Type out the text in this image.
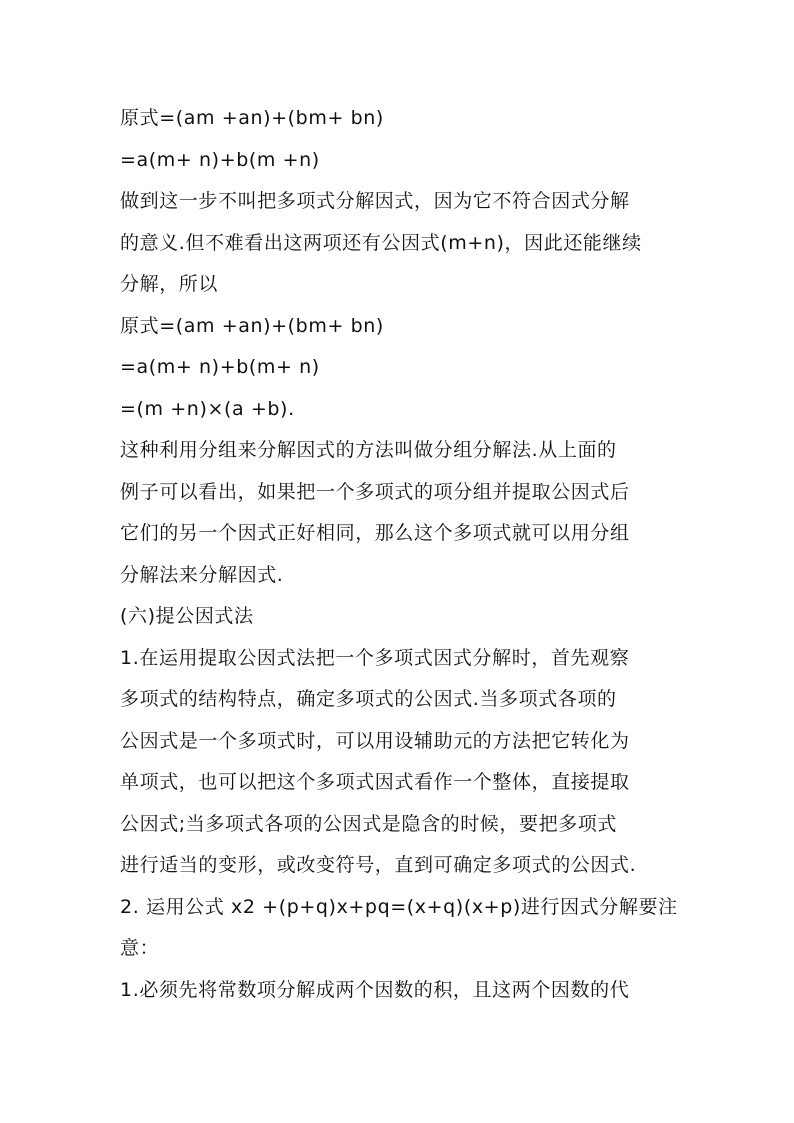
原式=(am +an)+(bm+ bn)
=a(m+ n)+b(m +n)
做到这一步不叫把多项式分解因式，因为它不符合因式分解
的意义.但不难看出这两项还有公因式(m+n)，因此还能继续
分解，所以
原式=(am +an)+(bm+ bn)
=a(m+ n)+b(m+ n)
=(m +n)×(a +b).
这种利用分组来分解因式的方法叫做分组分解法.从上面的
例子可以看出，如果把一个多项式的项分组并提取公因式后
它们的另一个因式正好相同，那么这个多项式就可以用分组
分解法来分解因式.
(六)提公因式法
1.在运用提取公因式法把一个多项式因式分解时，首先观察
多项式的结构特点，确定多项式的公因式.当多项式各项的
公因式是一个多项式时，可以用设辅助元的方法把它转化为
单项式，也可以把这个多项式因式看作一个整体，直接提取
公因式;当多项式各项的公因式是隐含的时候，要把多项式
进行适当的变形，或改变符号，直到可确定多项式的公因式.
2. 运用公式 x2 +(p+q)x+pq=(x+q)(x+p)进行因式分解要注
意：
1.必须先将常数项分解成两个因数的积，且这两个因数的代
